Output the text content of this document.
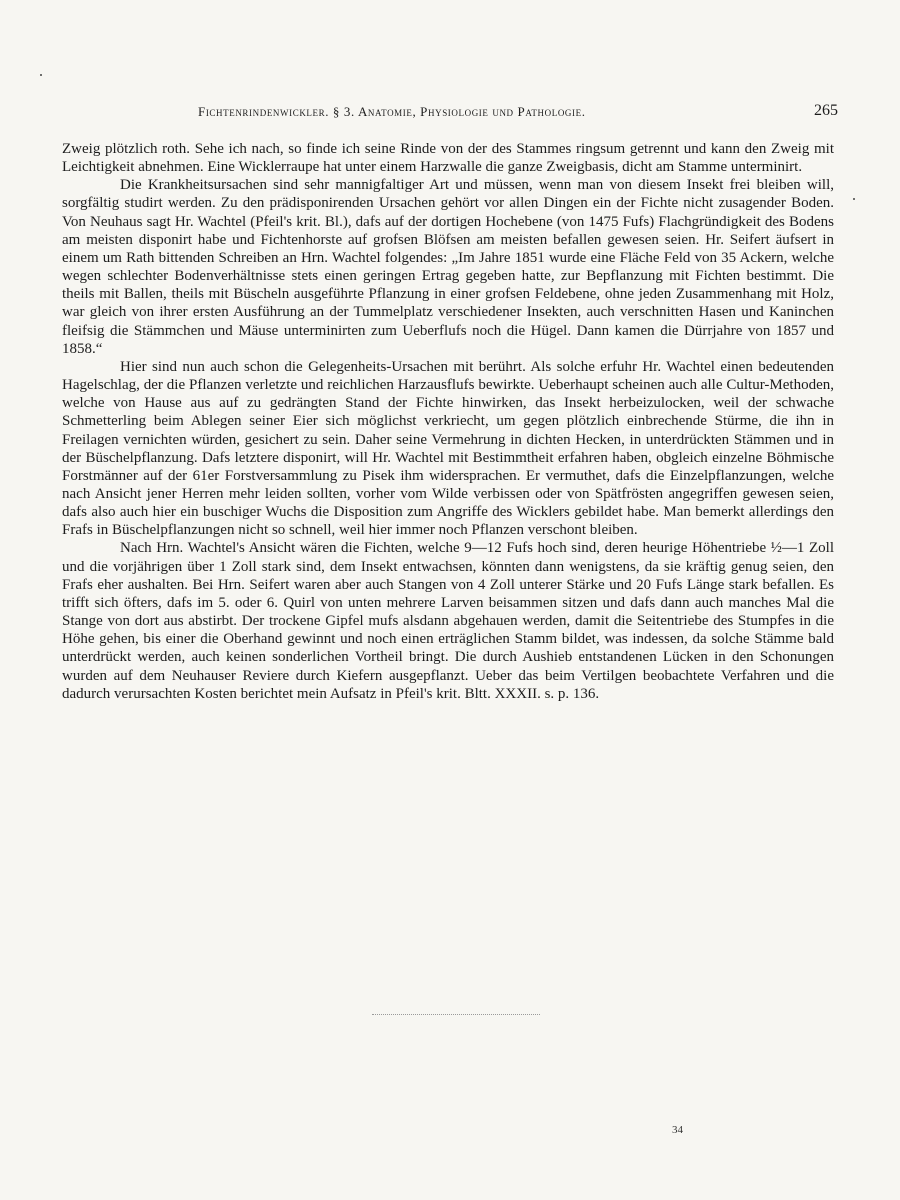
Fichtenrindenwickler. § 3. Anatomie, Physiologie und Pathologie.	265

Zweig plötzlich roth. Sehe ich nach, so finde ich seine Rinde von der des Stammes ringsum getrennt und kann den Zweig mit Leichtigkeit abnehmen. Eine Wicklerraupe hat unter einem Harzwalle die ganze Zweigbasis, dicht am Stamme unterminirt.

Die Krankheitsursachen sind sehr mannigfaltiger Art und müssen, wenn man von diesem Insekt frei bleiben will, sorgfältig studirt werden. Zu den prädisponirenden Ursachen gehört vor allen Dingen ein der Fichte nicht zusagender Boden. Von Neuhaus sagt Hr. Wachtel (Pfeil's krit. Bl.), dafs auf der dortigen Hochebene (von 1475 Fufs) Flachgründigkeit des Bodens am meisten disponirt habe und Fichtenhorste auf grofsen Blöfsen am meisten befallen gewesen seien. Hr. Seifert äufsert in einem um Rath bittenden Schreiben an Hrn. Wachtel folgendes: „Im Jahre 1851 wurde eine Fläche Feld von 35 Ackern, welche wegen schlechter Bodenverhältnisse stets einen geringen Ertrag gegeben hatte, zur Bepflanzung mit Fichten bestimmt. Die theils mit Ballen, theils mit Büscheln ausgeführte Pflanzung in einer grofsen Feldebene, ohne jeden Zusammenhang mit Holz, war gleich von ihrer ersten Ausführung an der Tummelplatz verschiedener Insekten, auch verschnitten Hasen und Kaninchen fleifsig die Stämmchen und Mäuse unterminirten zum Ueberflufs noch die Hügel. Dann kamen die Dürrjahre von 1857 und 1858.“

Hier sind nun auch schon die Gelegenheits-Ursachen mit berührt. Als solche erfuhr Hr. Wachtel einen bedeutenden Hagelschlag, der die Pflanzen verletzte und reichlichen Harzausflufs bewirkte. Ueberhaupt scheinen auch alle Cultur-Methoden, welche von Hause aus auf zu gedrängten Stand der Fichte hinwirken, das Insekt herbeizulocken, weil der schwache Schmetterling beim Ablegen seiner Eier sich möglichst verkriecht, um gegen plötzlich einbrechende Stürme, die ihn in Freilagen vernichten würden, gesichert zu sein. Daher seine Vermehrung in dichten Hecken, in unterdrückten Stämmen und in der Büschelpflanzung. Dafs letztere disponirt, will Hr. Wachtel mit Bestimmtheit erfahren haben, obgleich einzelne Böhmische Forstmänner auf der 61er Forstversammlung zu Pisek ihm widersprachen. Er vermuthet, dafs die Einzelpflanzungen, welche nach Ansicht jener Herren mehr leiden sollten, vorher vom Wilde verbissen oder von Spätfrösten angegriffen gewesen seien, dafs also auch hier ein buschiger Wuchs die Disposition zum Angriffe des Wicklers gebildet habe. Man bemerkt allerdings den Frafs in Büschelpflanzungen nicht so schnell, weil hier immer noch Pflanzen verschont bleiben.

Nach Hrn. Wachtel's Ansicht wären die Fichten, welche 9—12 Fufs hoch sind, deren heurige Höhentriebe ½—1 Zoll und die vorjährigen über 1 Zoll stark sind, dem Insekt entwachsen, könnten dann wenigstens, da sie kräftig genug seien, den Frafs eher aushalten. Bei Hrn. Seifert waren aber auch Stangen von 4 Zoll unterer Stärke und 20 Fufs Länge stark befallen. Es trifft sich öfters, dafs im 5. oder 6. Quirl von unten mehrere Larven beisammen sitzen und dafs dann auch manches Mal die Stange von dort aus abstirbt. Der trockene Gipfel mufs alsdann abgehauen werden, damit die Seitentriebe des Stumpfes in die Höhe gehen, bis einer die Oberhand gewinnt und noch einen erträglichen Stamm bildet, was indessen, da solche Stämme bald unterdrückt werden, auch keinen sonderlichen Vortheil bringt. Die durch Aushieb entstandenen Lücken in den Schonungen wurden auf dem Neuhauser Reviere durch Kiefern ausgepflanzt. Ueber das beim Vertilgen beobachtete Verfahren und die dadurch verursachten Kosten berichtet mein Aufsatz in Pfeil's krit. Bltt. XXXII. s. p. 136.

34
